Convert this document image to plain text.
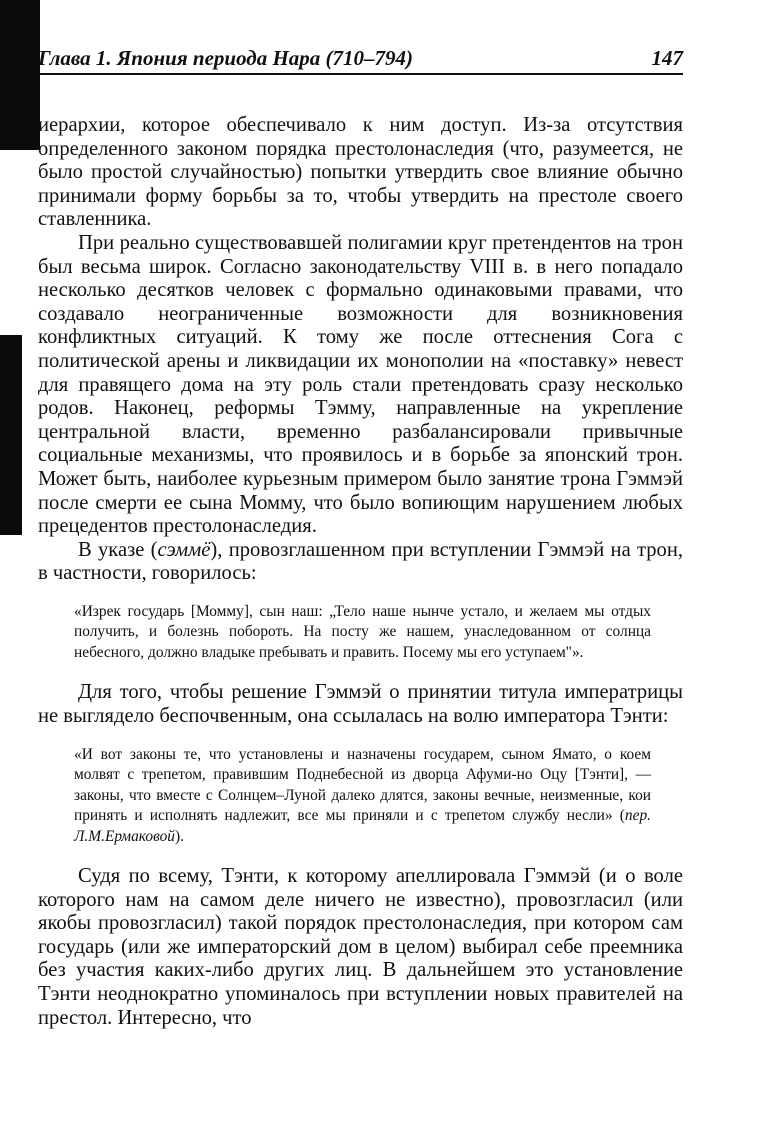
Глава 1. Япония периода Нара (710–794)	147

иерархии, которое обеспечивало к ним доступ. Из-за отсутствия определенного законом порядка престолонаследия (что, разумеется, не было простой случайностью) попытки утвердить свое влияние обычно принимали форму борьбы за то, чтобы утвердить на престоле своего ставленника.

При реально существовавшей полигамии круг претендентов на трон был весьма широк. Согласно законодательству VIII в. в него попадало несколько десятков человек с формально одинаковыми правами, что создавало неограниченные возможности для возникновения конфликтных ситуаций. К тому же после оттеснения Сога с политической арены и ликвидации их монополии на «поставку» невест для правящего дома на эту роль стали претендовать сразу несколько родов. Наконец, реформы Тэмму, направленные на укрепление центральной власти, временно разбалансировали привычные социальные механизмы, что проявилось и в борьбе за японский трон. Может быть, наиболее курьезным примером было занятие трона Гэммэй после смерти ее сына Момму, что было вопиющим нарушением любых прецедентов престолонаследия.

В указе (сэммё), провозглашенном при вступлении Гэммэй на трон, в частности, говорилось:

«Изрек государь [Момму], сын наш: „Тело наше нынче устало, и желаем мы отдых получить, и болезнь побороть. На посту же нашем, унаследованном от солнца небесного, должно владыке пребывать и править. Посему мы его уступаем"».

Для того, чтобы решение Гэммэй о принятии титула императрицы не выглядело беспочвенным, она ссылалась на волю императора Тэнти:

«И вот законы те, что установлены и назначены государем, сыном Ямато, о коем молвят с трепетом, правившим Поднебесной из дворца Афуми-но Оцу [Тэнти], — законы, что вместе с Солнцем–Луной далеко длятся, законы вечные, неизменные, кои принять и исполнять надлежит, все мы приняли и с трепетом службу несли» (пер. Л.М.Ермаковой).

Судя по всему, Тэнти, к которому апеллировала Гэммэй (и о воле которого нам на самом деле ничего не известно), провозгласил (или якобы провозгласил) такой порядок престолонаследия, при котором сам государь (или же императорский дом в целом) выбирал себе преемника без участия каких-либо других лиц. В дальнейшем это установление Тэнти неоднократно упоминалось при вступлении новых правителей на престол. Интересно, что
